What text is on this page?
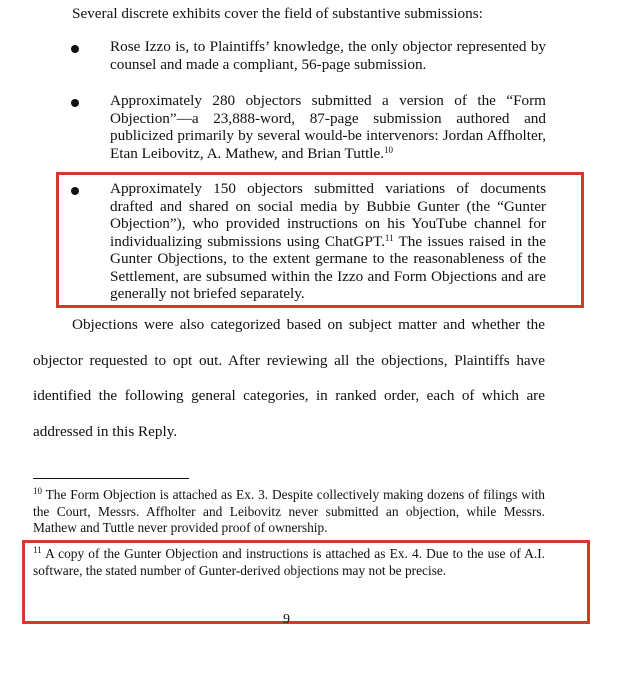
Several discrete exhibits cover the field of substantive submissions:

Rose Izzo is, to Plaintiffs’ knowledge, the only objector represented by counsel and made a compliant, 56-page submission.

Approximately 280 objectors submitted a version of the “Form Objection”—a 23,888-word, 87-page submission authored and publicized primarily by several would-be intervenors: Jordan Affholter, Etan Leibovitz, A. Mathew, and Brian Tuttle.$^{10}$

Approximately 150 objectors submitted variations of documents drafted and shared on social media by Bubbie Gunter (the “Gunter Objection”), who provided instructions on his YouTube channel for individualizing submissions using ChatGPT.$^{11}$ The issues raised in the Gunter Objections, to the extent germane to the reasonableness of the Settlement, are subsumed within the Izzo and Form Objections and are generally not briefed separately.

Objections were also categorized based on subject matter and whether the objector requested to opt out. After reviewing all the objections, Plaintiffs have identified the following general categories, in ranked order, each of which are addressed in this Reply.

$^{10}$ The Form Objection is attached as Ex. 3. Despite collectively making dozens of filings with the Court, Messrs. Affholter and Leibovitz never submitted an objection, while Messrs. Mathew and Tuttle never provided proof of ownership.

$^{11}$ A copy of the Gunter Objection and instructions is attached as Ex. 4. Due to the use of A.I. software, the stated number of Gunter-derived objections may not be precise.

9
